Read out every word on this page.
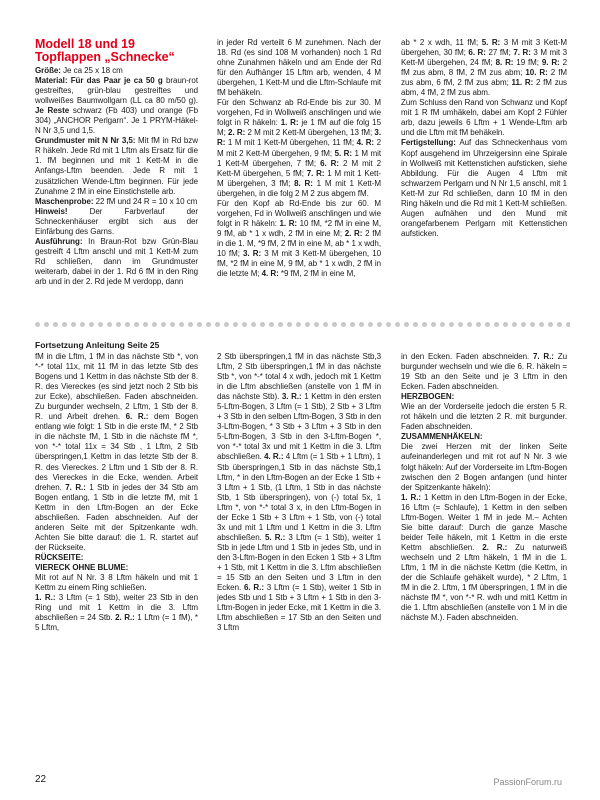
Modell 18 und 19
Topflappen „Schnecke“

Größe: Je ca 25 x 18 cm

Material: Für das Paar je ca 50 g braun-rot gestreiftes, grün-blau gestreiftes und wollweißes Baumwollgarn (LL ca 80 m/50 g). Je Reste schwarz (Fb 403) und orange (Fb 304) „ANCHOR Perlgarn“. Je 1 PRYM-Häkel-N Nr 3,5 und 1,5.

Grundmuster mit N Nr 3,5: Mit fM in Rd bzw R häkeln. Jede Rd mit 1 Lftm als Ersatz für die 1. fM beginnen und mit 1 Kett-M in die Anfangs-Lftm beenden. Jede R mit 1 zusätzlichen Wende-Lftm beginnen. Für jede Zunahme 2 fM in eine Einstichstelle arb.

Maschenprobe: 22 fM und 24 R = 10 x 10 cm

Hinweis! Der Farbverlauf der Schneckenhäuser ergibt sich aus der Einfärbung des Garns.

Ausführung: In Braun-Rot bzw Grün-Blau gestreift 4 Lftm anschl und mit 1 Kett-M zum Rd schließen, dann im Grundmuster weiterarb, dabei in der 1. Rd 6 fM in den Ring arb und in der 2. Rd jede M verdopp, dann

in jeder Rd verteilt 6 M zunehmen. Nach der 18. Rd (es sind 108 M vorhanden) noch 1 Rd ohne Zunahmen häkeln und am Ende der Rd für den Aufhänger 15 Lftm arb, wenden, 4 M übergehen, 1 Kett-M und die Lftm-Schlaufe mit fM behäkeln.

Für den Schwanz ab Rd-Ende bis zur 30. M vorgehen, Fd in Wollweiß anschlingen und wie folgt in R häkeln: 1. R: je 1 fM auf die folg 15 M; 2. R: 2 M mit 2 Kett-M übergehen, 13 fM; 3. R: 1 M mit 1 Kett-M übergehen, 11 fM; 4. R: 2 M mit 2 Kett-M übergehen, 9 fM; 5. R: 1 M mit 1 Kett-M übergehen, 7 fM; 6. R: 2 M mit 2 Kett-M übergehen, 5 fM; 7. R: 1 M mit 1 Kett-M übergehen, 3 fM; 8. R: 1 M mit 1 Kett-M übergehen, in die folg 2 M 2 zus abgem fM.

Für den Kopf ab Rd-Ende bis zur 60. M vorgehen, Fd in Wollweiß anschlingen und wie folgt in R häkeln: 1. R: 10 fM, *2 fM in eine M, 9 fM, ab * 1 x wdh, 2 fM in eine M; 2. R: 2 fM in die 1. M, *9 fM, 2 fM in eine M, ab * 1 x wdh, 10 fM; 3. R: 3 M mit 3 Kett-M übergehen, 10 fM, *2 fM in eine M, 9 fM, ab * 1 x wdh, 2 fM in die letzte M; 4. R: *9 fM, 2 fM in eine M,

ab * 2 x wdh, 11 fM; 5. R: 3 M mit 3 Kett-M übergehen, 30 fM; 6. R: 27 fM; 7. R: 3 M mit 3 Kett-M übergehen, 24 fM; 8. R: 19 fM; 9. R: 2 fM zus abm, 8 fM, 2 fM zus abm; 10. R: 2 fM zus abm, 6 fM, 2 fM zus abm; 11. R: 2 fM zus abm, 4 fM, 2 fM zus abm.

Zum Schluss den Rand von Schwanz und Kopf mit 1 R fM umhäkeln, dabei am Kopf 2 Fühler arb, dazu jeweils 6 Lftm + 1 Wende-Lftm arb und die Lftm mit fM behäkeln.

Fertigstellung: Auf das Schneckenhaus vom Kopf ausgehend im Uhrzeigersinn eine Spirale in Wollweiß mit Kettenstichen aufsticken, siehe Abbildung. Für die Augen 4 Lftm mit schwarzem Perlgarn und N Nr 1,5 anschl, mit 1 Kett-M zur Rd schließen, dann 10 fM in den Ring häkeln und die Rd mit 1 Kett-M schließen. Augen aufnähen und den Mund mit orangefarbenem Perlgarn mit Kettenstichen aufsticken.

Fortsetzung Anleitung Seite 25

fM in die Lftm, 1 fM in das nächste Stb *, von *-* total 11x, mit 11 fM in das letzte Stb des Bogens und 1 Kettm in das nächste Stb der 8. R. des Viereckes (es sind jetzt noch 2 Stb bis zur Ecke), abschließen. Faden abschneiden. Zu burgunder wechseln, 2 Lftm, 1 Stb der 8. R. und Arbeit drehen. 6. R.: dem Bogen entlang wie folgt: 1 Stb in die erste fM, * 2 Stb in die nächste fM, 1 Stb in die nächste fM *, von *-* total 11x = 34 Stb , 1 Lftm, 2 Stb überspringen,1 Kettm in das letzte Stb der 8. R. des Viereckes. 2 Lftm und 1 Stb der 8. R. des Viereckes in die Ecke, wenden. Arbeit drehen. 7. R.: 1 Stb in jedes der 34 Stb am Bogen entlang, 1 Stb in die letzte fM, mit 1 Kettm in den Lftm-Bogen an der Ecke abschließen. Faden abschneiden. Auf der anderen Seite mit der Spitzenkante wdh. Achten Sie bitte darauf: die 1. R. startet auf der Rückseite.

RÜCKSEITE:

VIERECK OHNE BLUME:

Mit rot auf N Nr. 3 8 Lftm häkeln und mit 1 Kettm zu einem Ring schließen.

1. R.: 3 Lftm (= 1 Stb), weiter 23 Stb in den Ring und mit 1 Kettm in die 3. Lftm abschließen = 24 Stb. 2. R.: 1 Lftm (= 1 fM), * 5 Lftm,

2 Stb überspringen,1 fM in das nächste Stb,3 Lftm, 2 Stb überspringen,1 fM in das nächste Stb *, von *-* total 4 x wdh, jedoch mit 1 Kettm in die Lftm abschließen (anstelle von 1 fM in das nächste Stb). 3. R.: 1 Kettm in den ersten 5-Lftm-Bogen, 3 Lftm (= 1 Stb), 2 Stb + 3 Lftm + 3 Stb in den selben Lftm-Bogen, 3 Stb in den 3-Lftm-Bogen, * 3 Stb + 3 Lftm + 3 Stb in den 5-Lftm-Bogen, 3 Stb in den 3-Lftm-Bogen *, von *-* total 3x und mit 1 Kettm in die 3. Lftm abschließen. 4. R.: 4 Lftm (= 1 Stb + 1 Lftm), 1 Stb überspringen,1 Stb in das nächste Stb,1 Lftm, * in den Lftm-Bogen an der Ecke 1 Stb + 3 Lftm + 1 Stb, (1 Lftm, 1 Stb in das nächste Stb, 1 Stb überspringen), von (-) total 5x, 1 Lftm *, von *-* total 3 x, in den Lftm-Bogen in der Ecke 1 Stb + 3 Lftm + 1 Stb, von (-) total 3x und mit 1 Lftm und 1 Kettm in die 3. Lftm abschließen. 5. R.: 3 Lftm (= 1 Stb), weiter 1 Stb in jede Lftm und 1 Stb in jedes Stb, und in den 3-Lftm-Bogen in den Ecken 1 Stb + 3 Lftm + 1 Stb, mit 1 Kettm in die 3. Lftm abschließen = 15 Stb an den Seiten und 3 Lftm in den Ecken. 6. R.: 3 Lftm (= 1 Stb), weiter 1 Stb in jedes Stb und 1 Stb + 3 Lftm + 1 Stb in den 3-Lftm-Bogen in jeder Ecke, mit 1 Kettm in die 3. Lftm abschließen = 17 Stb an den Seiten und 3 Lftm

in den Ecken. Faden abschneiden. 7. R.: Zu burgunder wechseln und wie die 6. R. häkeln = 19 Stb an den Seite und je 3 Lftm in den Ecken. Faden abschneiden.

HERZBOGEN:

Wie an der Vorderseite jedoch die ersten 5 R. rot häkeln und die letzten 2 R. mit burgunder. Faden abschneiden.

ZUSAMMENHÄKELN:

Die zwei Herzen mit der linken Seite aufeinanderlegen und mit rot auf N Nr. 3 wie folgt häkeln: Auf der Vorderseite im Lftm-Bogen zwischen den 2 Bogen anfangen (und hinter der Spitzenkante häkeln):

1. R.: 1 Kettm in den Lftm-Bogen in der Ecke, 16 Lftm (= Schlaufe), 1 Kettm in den selben Lftm-Bogen. Weiter 1 fM in jede M.– Achten Sie bitte darauf: Durch die ganze Masche beider Teile häkeln, mit 1 Kettm in die erste Kettm abschließen. 2. R.: Zu naturweiß wechseln und 2 Lftm häkeln, 1 fM in die 1. Lftm, 1 fM in die nächste Kettm (die Kettm, in der die Schlaufe gehäkelt wurde), * 2 Lftm, 1 fM in die 2. Lftm, 1 fM überspringen, 1 fM in die nächste fM *, von *-* R. wdh und mit1 Kettm in die 1. Lftm abschließen (anstelle von 1 M in die nächste M.). Faden abschneiden.

22	PassionForum.ru
